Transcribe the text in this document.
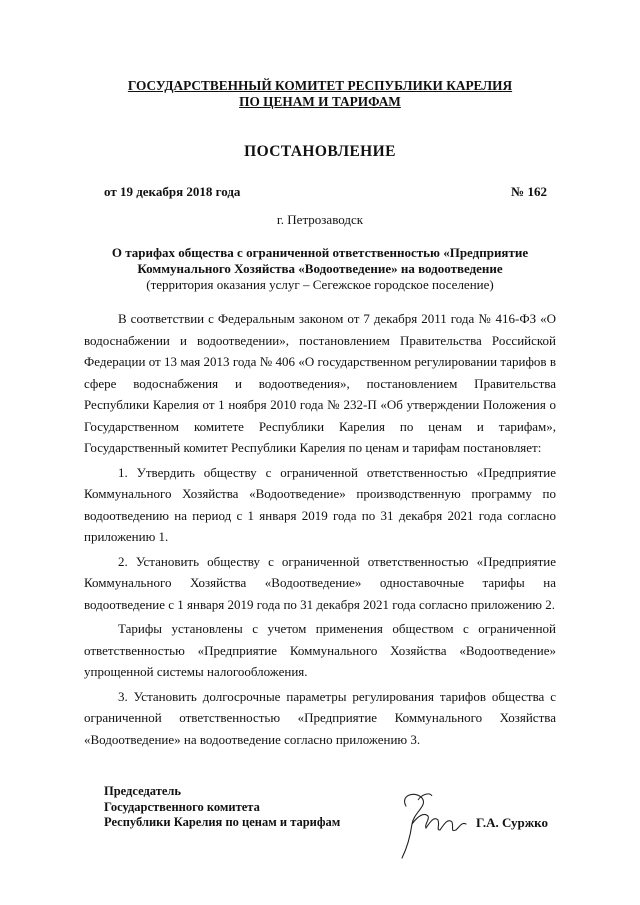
ГОСУДАРСТВЕННЫЙ КОМИТЕТ РЕСПУБЛИКИ КАРЕЛИЯ
ПО ЦЕНАМ И ТАРИФАМ
ПОСТАНОВЛЕНИЕ
от 19 декабря 2018 года	№ 162
г. Петрозаводск
О тарифах общества с ограниченной ответственностью «Предприятие
Коммунального Хозяйства «Водоотведение» на водоотведение
(территория оказания услуг – Сегежское городское поселение)

В соответствии с Федеральным законом от 7 декабря 2011 года № 416-ФЗ «О водоснабжении и водоотведении», постановлением Правительства Российской Федерации от 13 мая 2013 года № 406 «О государственном регулировании тарифов в сфере водоснабжения и водоотведения», постановлением Правительства Республики Карелия от 1 ноября 2010 года № 232-П «Об утверждении Положения о Государственном комитете Республики Карелия по ценам и тарифам», Государственный комитет Республики Карелия по ценам и тарифам постановляет:

1. Утвердить обществу с ограниченной ответственностью «Предприятие Коммунального Хозяйства «Водоотведение» производственную программу по водоотведению на период с 1 января 2019 года по 31 декабря 2021 года согласно приложению 1.

2. Установить обществу с ограниченной ответственностью «Предприятие Коммунального Хозяйства «Водоотведение» одноставочные тарифы на водоотведение с 1 января 2019 года по 31 декабря 2021 года согласно приложению 2.

Тарифы установлены с учетом применения обществом с ограниченной ответственностью «Предприятие Коммунального Хозяйства «Водоотведение» упрощенной системы налогообложения.

3. Установить долгосрочные параметры регулирования тарифов общества с ограниченной ответственностью «Предприятие Коммунального Хозяйства «Водоотведение» на водоотведение согласно приложению 3.

Председатель
Государственного комитета
Республики Карелия по ценам и тарифам	Г.А. Суржко
